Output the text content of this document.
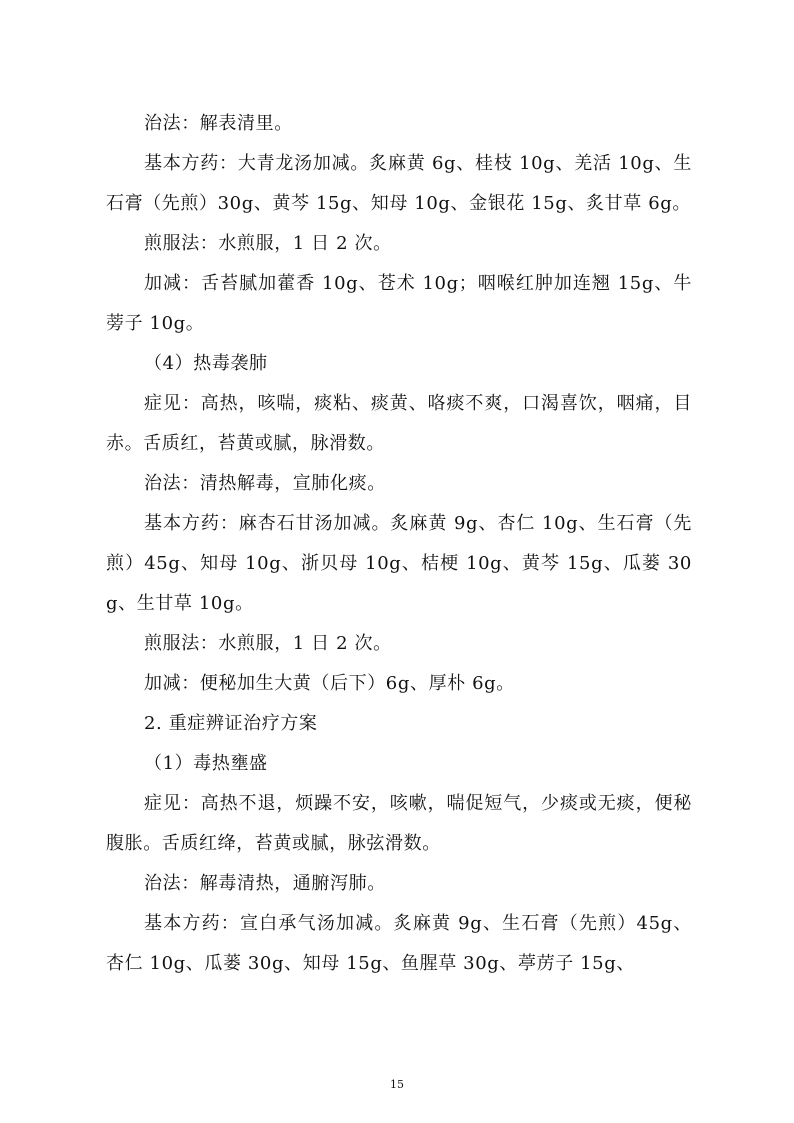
治法：解表清里。

基本方药：大青龙汤加减。炙麻黄 6g、桂枝 10g、羌活 10g、生石膏（先煎）30g、黄芩 15g、知母 10g、金银花 15g、炙甘草 6g。

煎服法：水煎服，1 日 2 次。

加减：舌苔腻加藿香 10g、苍术 10g；咽喉红肿加连翘 15g、牛蒡子 10g。

（4）热毒袭肺

症见：高热，咳喘，痰粘、痰黄、咯痰不爽，口渴喜饮，咽痛，目赤。舌质红，苔黄或腻，脉滑数。

治法：清热解毒，宣肺化痰。

基本方药：麻杏石甘汤加减。炙麻黄 9g、杏仁 10g、生石膏（先煎）45g、知母 10g、浙贝母 10g、桔梗 10g、黄芩 15g、瓜蒌 30g、生甘草 10g。

煎服法：水煎服，1 日 2 次。

加减：便秘加生大黄（后下）6g、厚朴 6g。

2. 重症辨证治疗方案

（1）毒热壅盛

症见：高热不退，烦躁不安，咳嗽，喘促短气，少痰或无痰，便秘腹胀。舌质红绛，苔黄或腻，脉弦滑数。

治法：解毒清热，通腑泻肺。

基本方药：宣白承气汤加减。炙麻黄 9g、生石膏（先煎）45g、杏仁 10g、瓜蒌 30g、知母 15g、鱼腥草 30g、葶苈子 15g、

15
